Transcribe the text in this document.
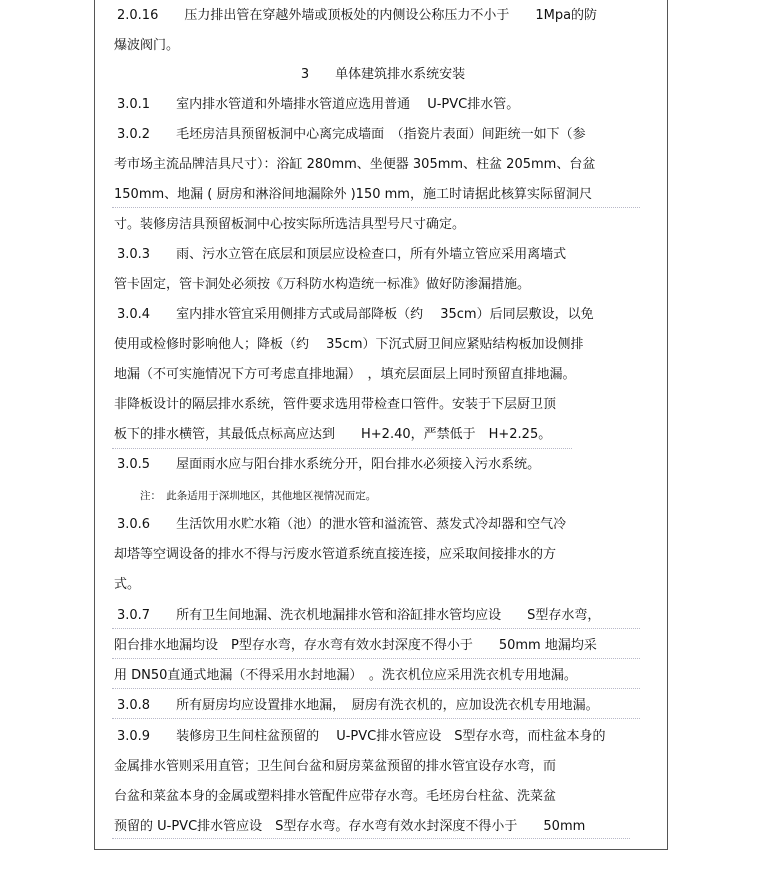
2.0.16　　压力排出管在穿越外墙或顶板处的内侧设公称压力不小于　　1Mpa的防
爆波阀门。
3　　单体建筑排水系统安装
3.0.1　　室内排水管道和外墙排水管道应选用普通　 U-PVC排水管。
3.0.2　　毛坯房洁具预留板洞中心离完成墙面　（指瓷片表面）间距统一如下（参
考市场主流品牌洁具尺寸）：浴缸 280mm、坐便器 305mm、柱盆 205mm、台盆
150mm、地漏 ( 厨房和淋浴间地漏除外 )150 mm，施工时请据此核算实际留洞尺
寸。装修房洁具预留板洞中心按实际所选洁具型号尺寸确定。
3.0.3　　雨、污水立管在底层和顶层应设检查口，所有外墙立管应采用离墙式
管卡固定，管卡洞处必须按《万科防水构造统一标准》做好防渗漏措施。
3.0.4　　室内排水管宜采用侧排方式或局部降板（约　 35cm）后同层敷设，以免
使用或检修时影响他人；降板（约　 35cm）下沉式厨卫间应紧贴结构板加设侧排
地漏（不可实施情况下方可考虑直排地漏）　，填充层面层上同时预留直排地漏。
非降板设计的隔层排水系统，管件要求选用带检查口管件。安装于下层厨卫顶
板下的排水横管，其最低点标高应达到　　H+2.40，严禁低于　H+2.25。
3.0.5　　屋面雨水应与阳台排水系统分开，阳台排水必须接入污水系统。
注：　此条适用于深圳地区，其他地区视情况而定。
3.0.6　　生活饮用水贮水箱（池）的泄水管和溢流管、蒸发式冷却器和空气冷
却塔等空调设备的排水不得与污废水管道系统直接连接，应采取间接排水的方
式。
3.0.7　　所有卫生间地漏、洗衣机地漏排水管和浴缸排水管均应设　　S型存水弯，
阳台排水地漏均设　P型存水弯，存水弯有效水封深度不得小于　　50mm 地漏均采
用 DN50直通式地漏（不得采用水封地漏）　。洗衣机位应采用洗衣机专用地漏。
3.0.8　　所有厨房均应设置排水地漏，　厨房有洗衣机的，应加设洗衣机专用地漏。
3.0.9　　装修房卫生间柱盆预留的　 U-PVC排水管应设　S型存水弯，而柱盆本身的
金属排水管则采用直管；卫生间台盆和厨房菜盆预留的排水管宜设存水弯，而
台盆和菜盆本身的金属或塑料排水管配件应带存水弯。毛坯房台柱盆、洗菜盆
预留的 U-PVC排水管应设　S型存水弯。存水弯有效水封深度不得小于　　50mm
